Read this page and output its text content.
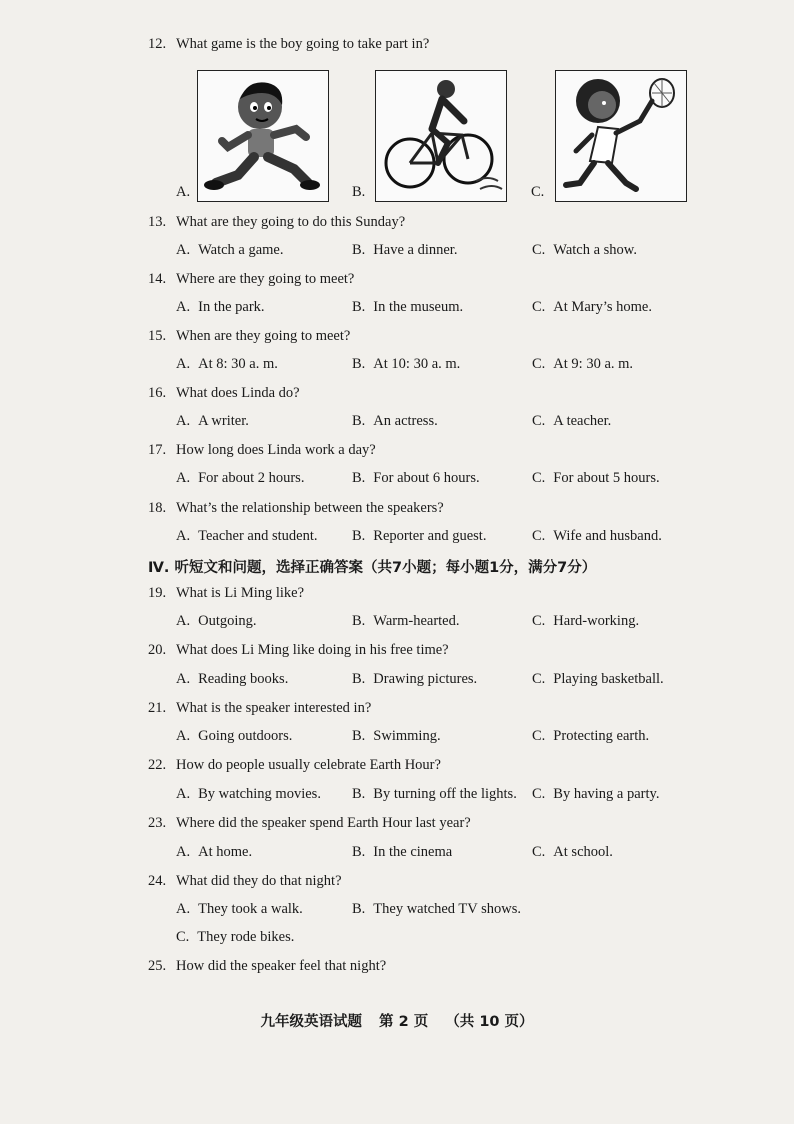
12. What game is the boy going to take part in?
A.	B.	C.
13. What are they going to do this Sunday?
A. Watch a game.	B. Have a dinner.	C. Watch a show.
14. Where are they going to meet?
A. In the park.	B. In the museum.	C. At Mary’s home.
15. When are they going to meet?
A. At 8: 30 a. m.	B. At 10: 30 a. m.	C. At 9: 30 a. m.
16. What does Linda do?
A. A writer.	B. An actress.	C. A teacher.
17. How long does Linda work a day?
A. For about 2 hours.	B. For about 6 hours.	C. For about 5 hours.
18. What’s the relationship between the speakers?
A. Teacher and student. B. Reporter and guest.	C. Wife and husband.
Ⅳ. 听短文和问题，选择正确答案（共7小题；每小题1分，满分7分）
19. What is Li Ming like?
A. Outgoing.	B. Warm-hearted.	C. Hard-working.
20. What does Li Ming like doing in his free time?
A. Reading books.	B. Drawing pictures.	C. Playing basketball.
21. What is the speaker interested in?
A. Going outdoors.	B. Swimming.	C. Protecting earth.
22. How do people usually celebrate Earth Hour?
A. By watching movies. B. By turning off the lights. C. By having a party.
23. Where did the speaker spend Earth Hour last year?
A. At home.	B. In the cinema	C. At school.
24. What did they do that night?
A. They took a walk.	B. They watched TV shows.
C. They rode bikes.
25. How did the speaker feel that night?
九年级英语试题 第 2 页 （共 10 页）
